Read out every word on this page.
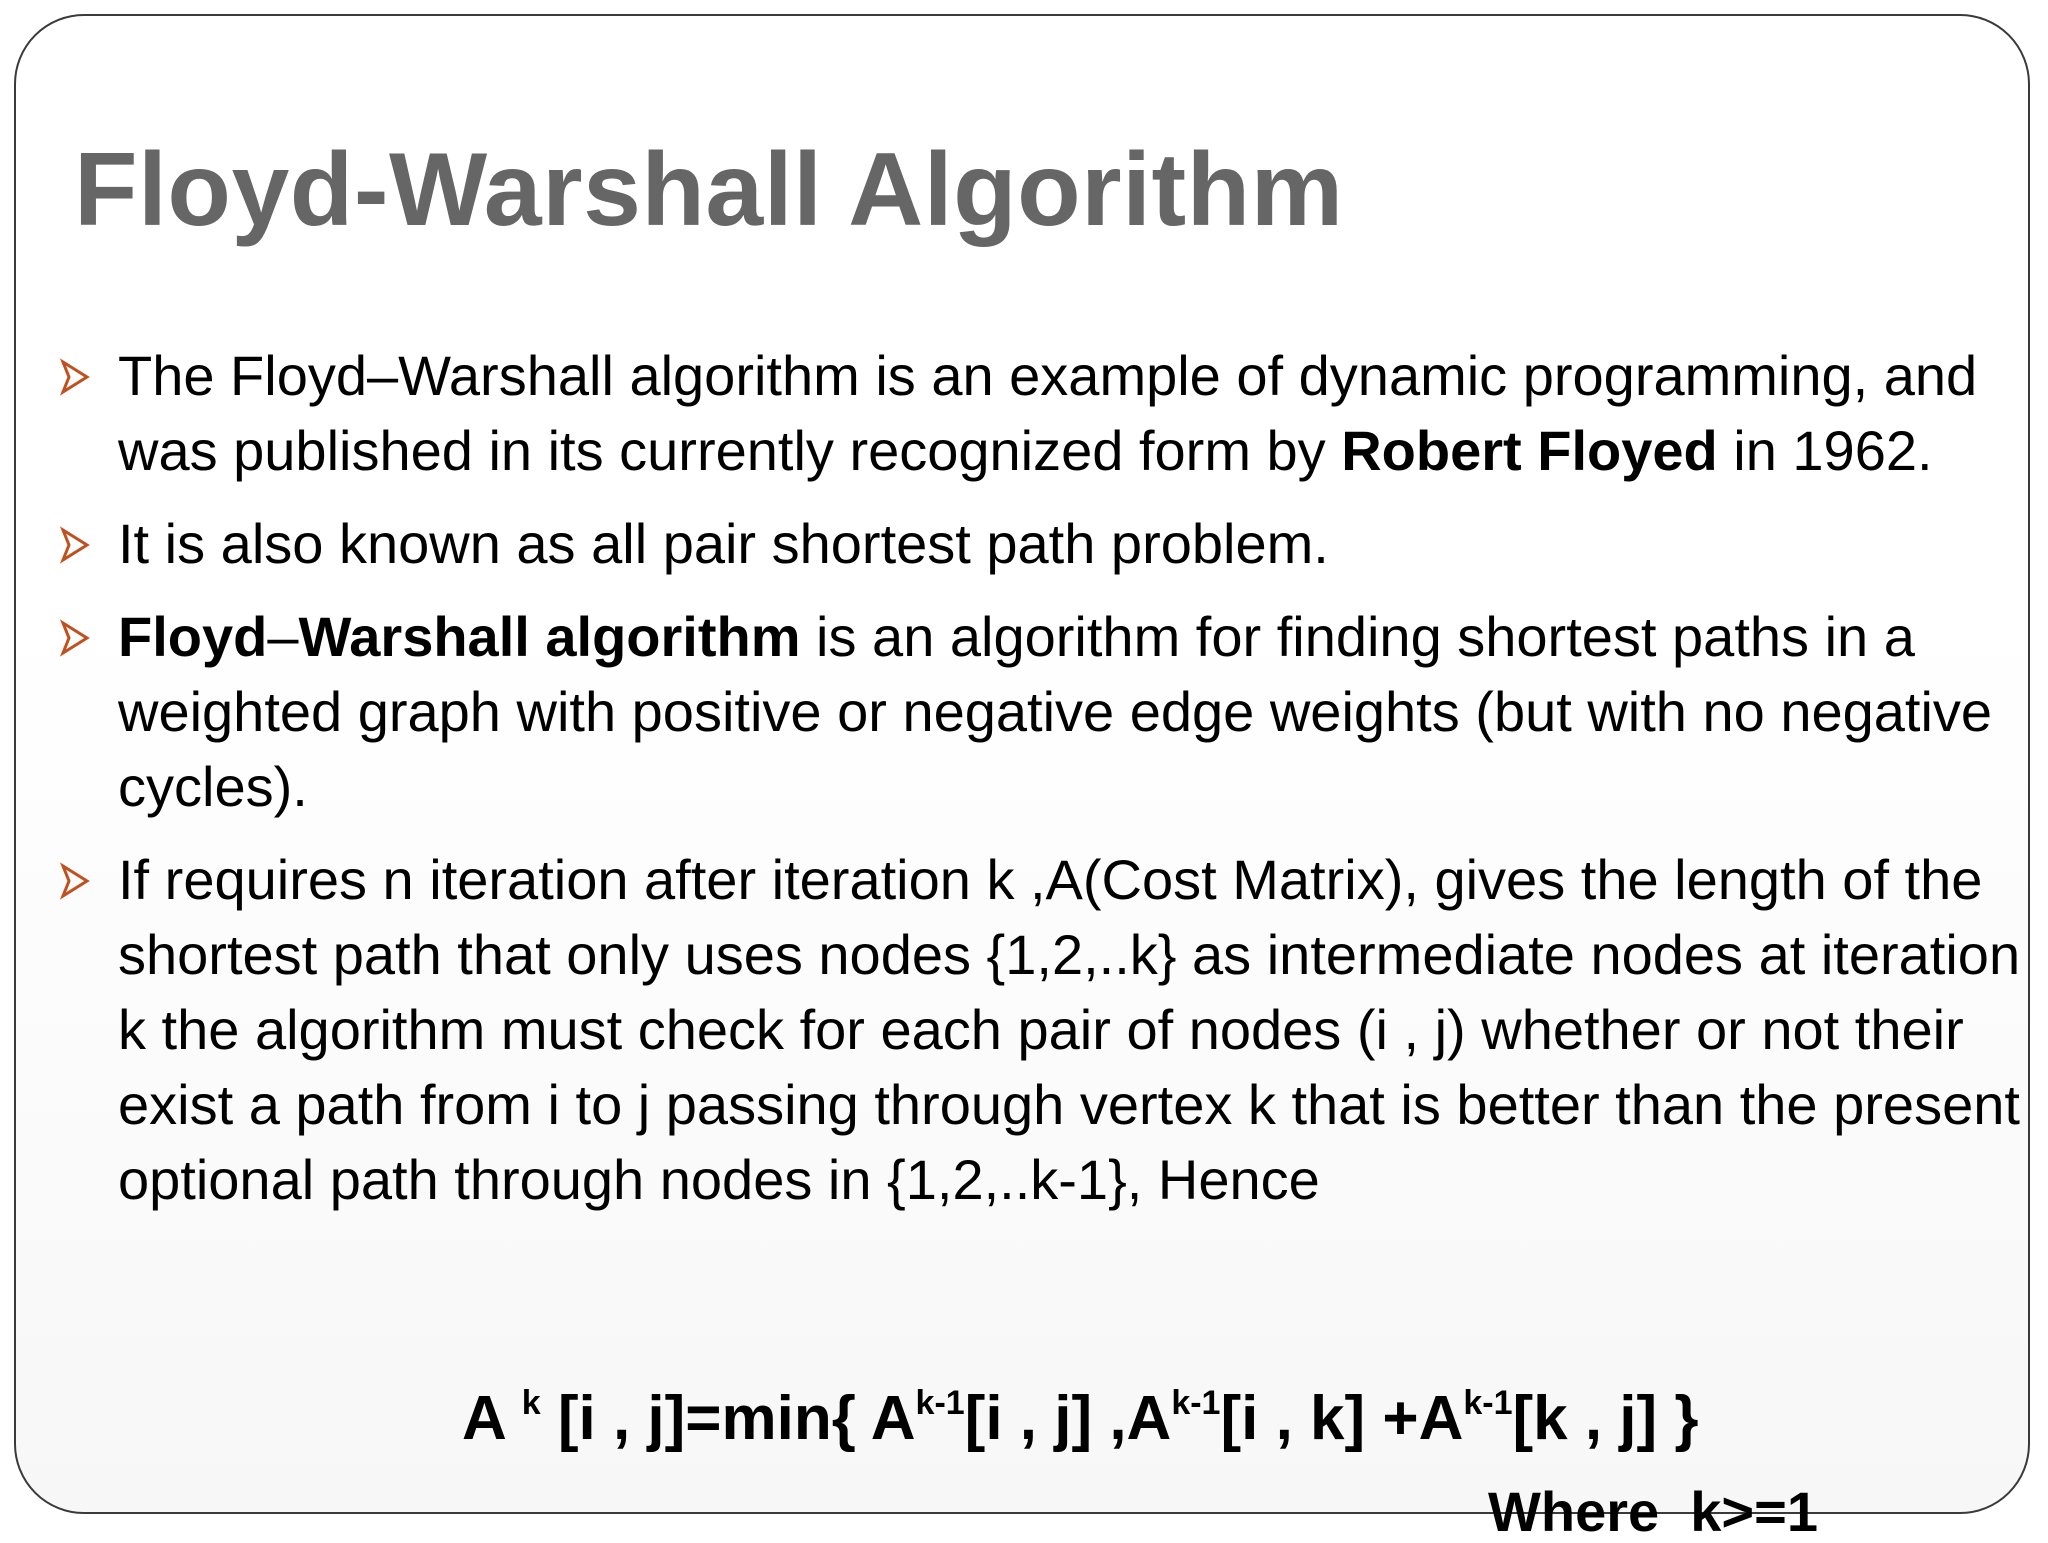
Floyd-Warshall Algorithm
The Floyd–Warshall algorithm is an example of dynamic programming, and was published in its currently recognized form by Robert Floyed in 1962.
It is also known as all pair shortest path problem.
Floyd–Warshall algorithm is an algorithm for finding shortest paths in a weighted graph with positive or negative edge weights (but with no negative cycles).
If requires n iteration after iteration k ,A(Cost Matrix), gives the length of the shortest path that only uses nodes {1,2,..k} as intermediate nodes at iteration k the algorithm must check for each pair of nodes (i , j) whether or not their exist a path from i to j passing through vertex k that is better than the present optional path through nodes in {1,2,..k-1}, Hence
A $^k$ [i , j]=min{ $A^{k-1}[i$ , j] $,A^{k-1}[i$ , $k] +A^{k-1}[k$ , j] }
Where  k>=1
